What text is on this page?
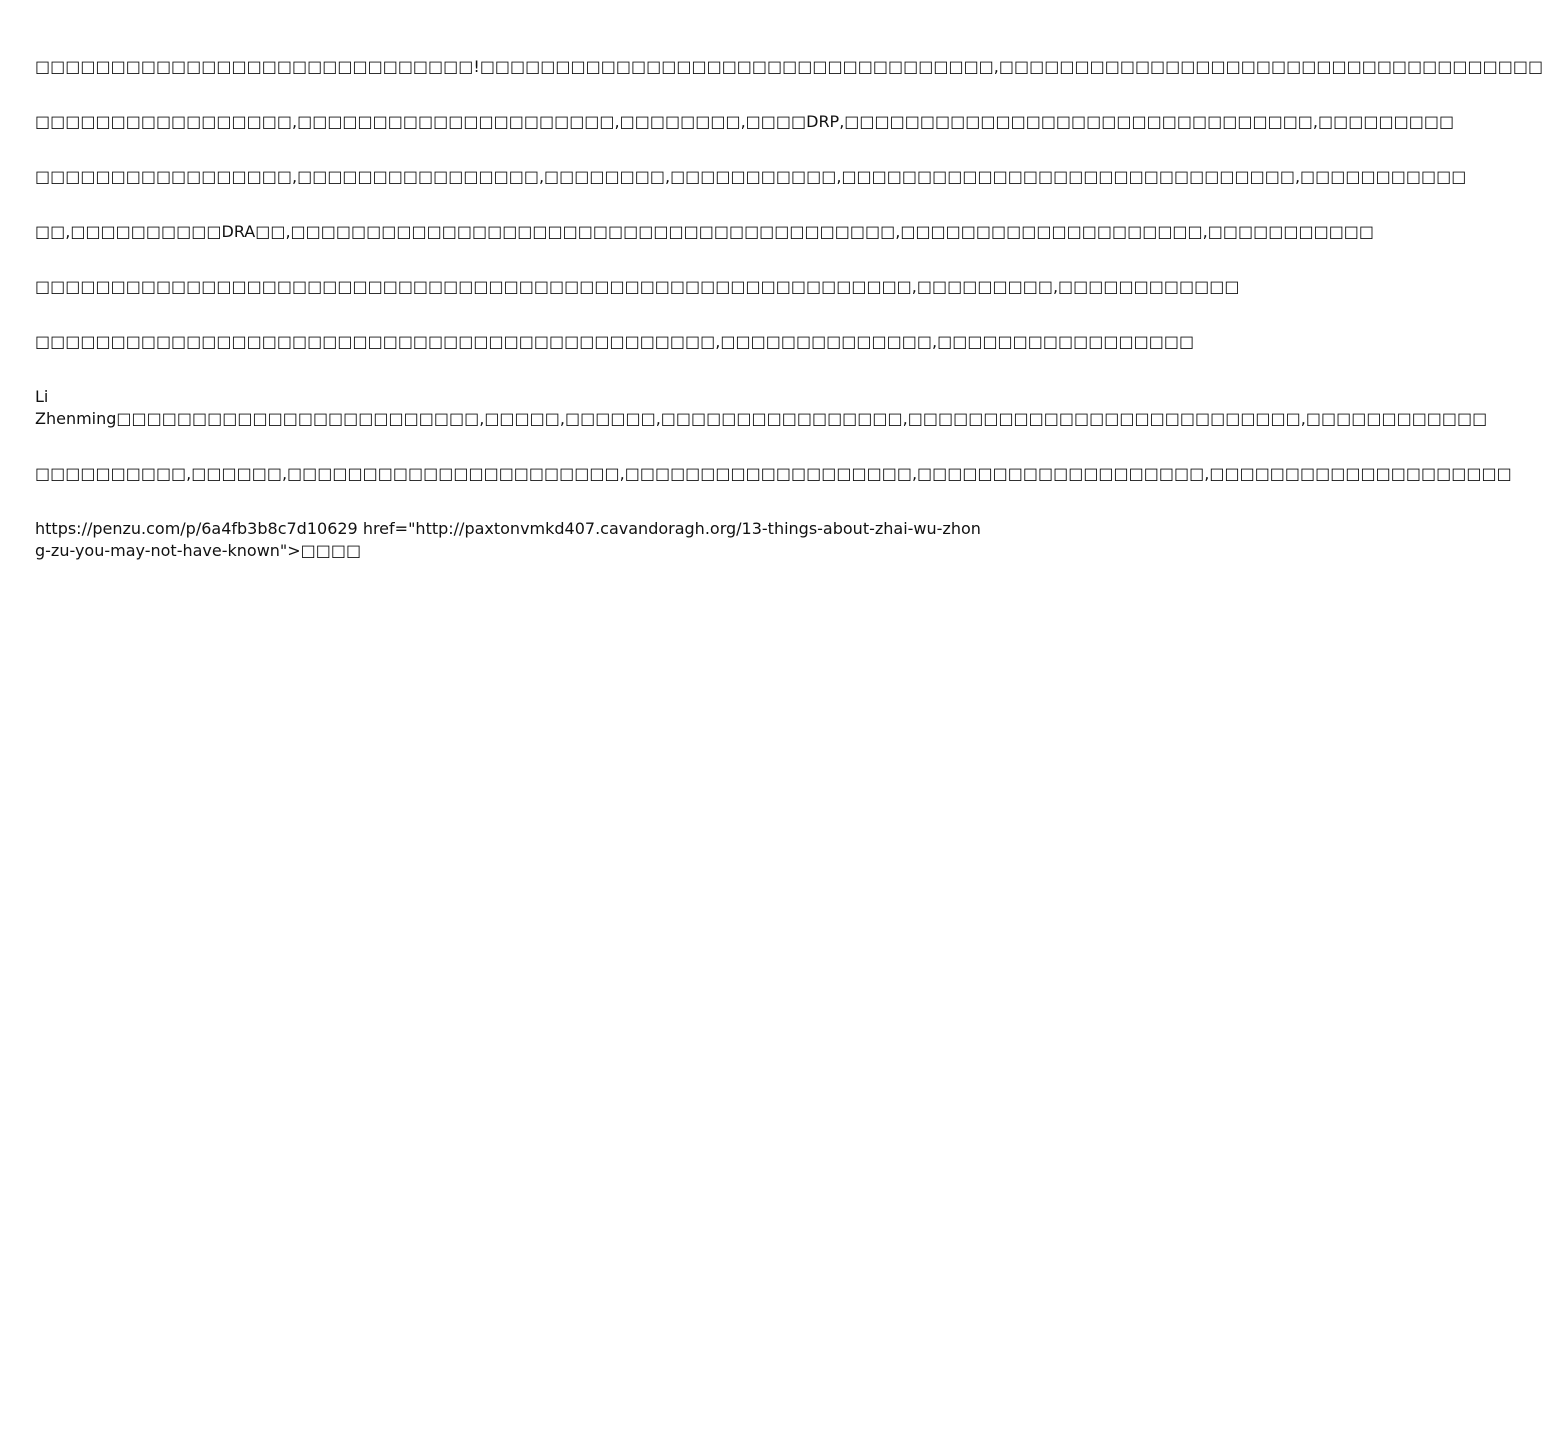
□□□□□□□□□□□□□□□□□□□□□□□□□□□□□!□□□□□□□□□□□□□□□□□□□□□□□□□□□□□□□□□□,□□□□□□□□□□□□□□□□□□□□□□□□□□□□□□□□□□□□

□□□□□□□□□□□□□□□□□,□□□□□□□□□□□□□□□□□□□□□,□□□□□□□□,□□□□DRP,□□□□□□□□□□□□□□□□□□□□□□□□□□□□□□□,□□□□□□□□□

□□□□□□□□□□□□□□□□□,□□□□□□□□□□□□□□□□,□□□□□□□□,□□□□□□□□□□□,□□□□□□□□□□□□□□□□□□□□□□□□□□□□□□,□□□□□□□□□□□

□□,□□□□□□□□□□DRA□□,□□□□□□□□□□□□□□□□□□□□□□□□□□□□□□□□□□□□□□□□,□□□□□□□□□□□□□□□□□□□□,□□□□□□□□□□□

□□□□□□□□□□□□□□□□□□□□□□□□□□□□□□□□□□□□□□□□□□□□□□□□□□□□□□□□□□,□□□□□□□□□,□□□□□□□□□□□□

□□□□□□□□□□□□□□□□□□□□□□□□□□□□□□□□□□□□□□□□□□□□□,□□□□□□□□□□□□□□,□□□□□□□□□□□□□□□□□

Li
Zhenming□□□□□□□□□□□□□□□□□□□□□□□□,□□□□□,□□□□□□,□□□□□□□□□□□□□□□□,□□□□□□□□□□□□□□□□□□□□□□□□□□,□□□□□□□□□□□□

□□□□□□□□□□,□□□□□□,□□□□□□□□□□□□□□□□□□□□□□,□□□□□□□□□□□□□□□□□□□,□□□□□□□□□□□□□□□□□□□,□□□□□□□□□□□□□□□□□□□□

https://penzu.com/p/6a4fb3b8c7d10629 href="http://paxtonvmkd407.cavandoragh.org/13-things-about-zhai-wu-zhong-zu-you-may-not-have-known">□□□□
